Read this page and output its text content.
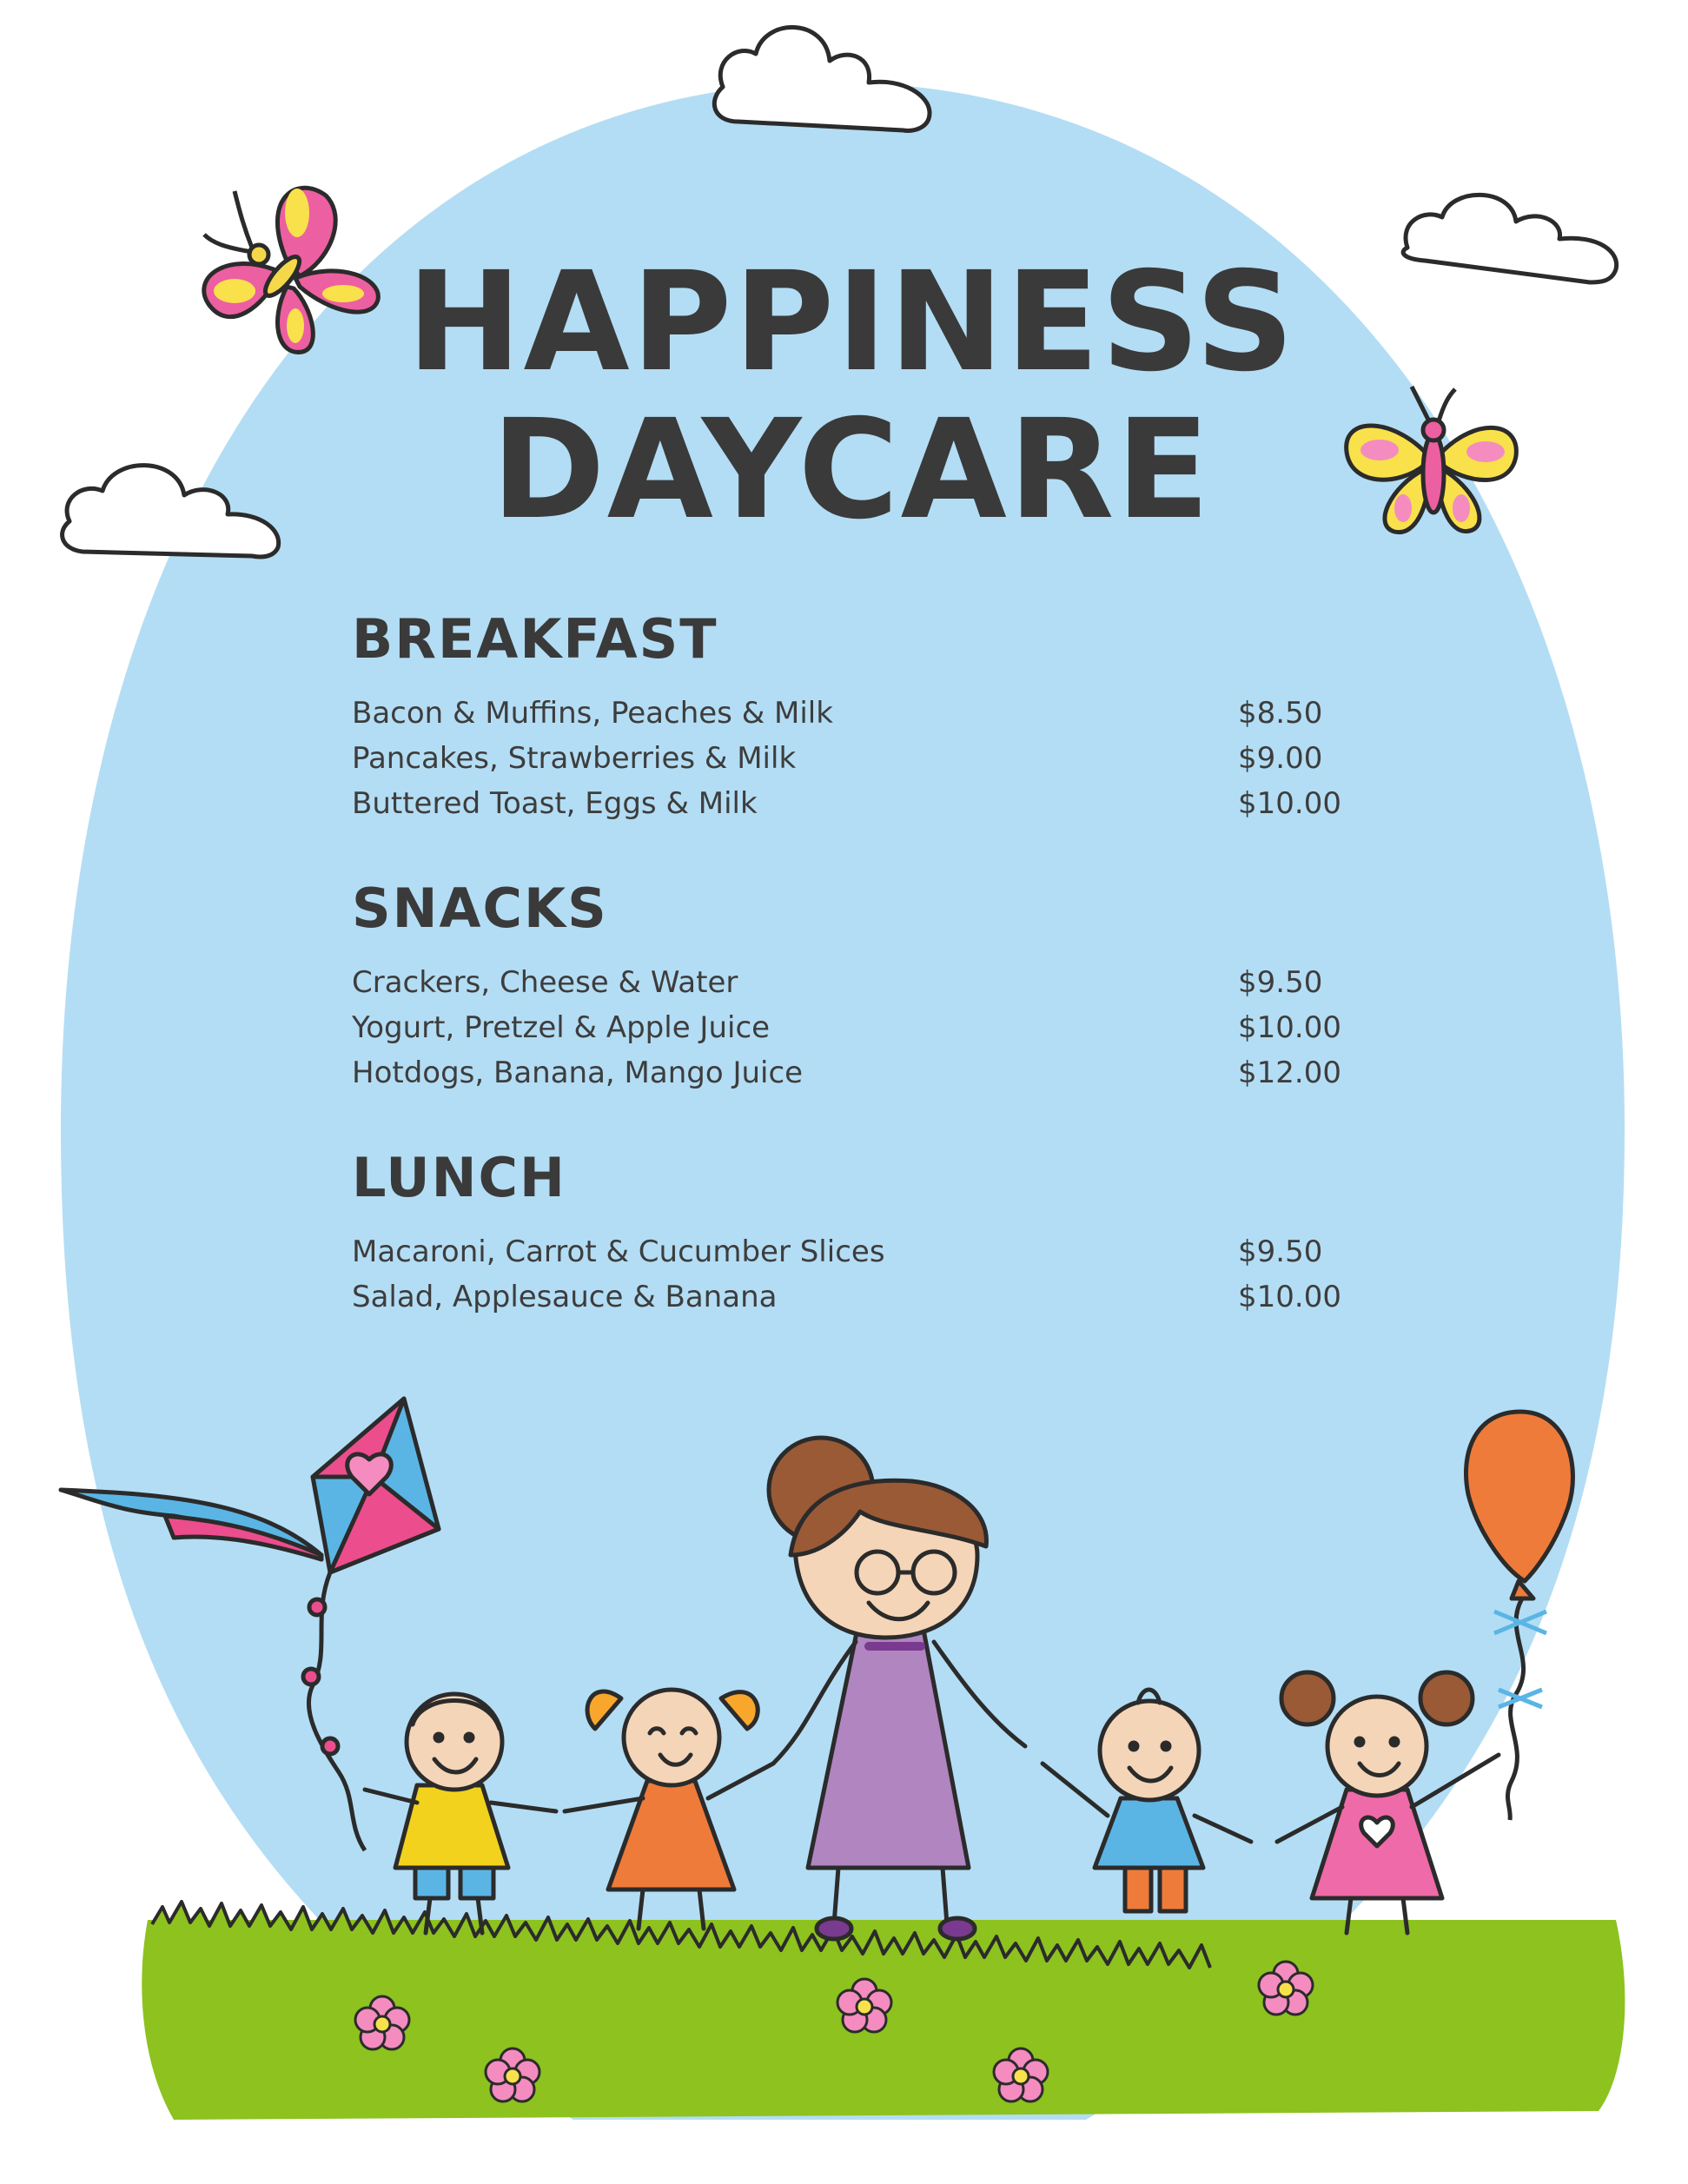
HAPPINESS
DAYCARE
BREAKFAST
Bacon & Muffins, Peaches & Milk	$8.50
Pancakes, Strawberries & Milk	$9.00
Buttered Toast, Eggs & Milk	$10.00
SNACKS
Crackers, Cheese & Water	$9.50
Yogurt, Pretzel & Apple Juice	$10.00
Hotdogs, Banana, Mango Juice	$12.00
LUNCH
Macaroni, Carrot & Cucumber Slices	$9.50
Salad, Applesauce & Banana	$10.00
